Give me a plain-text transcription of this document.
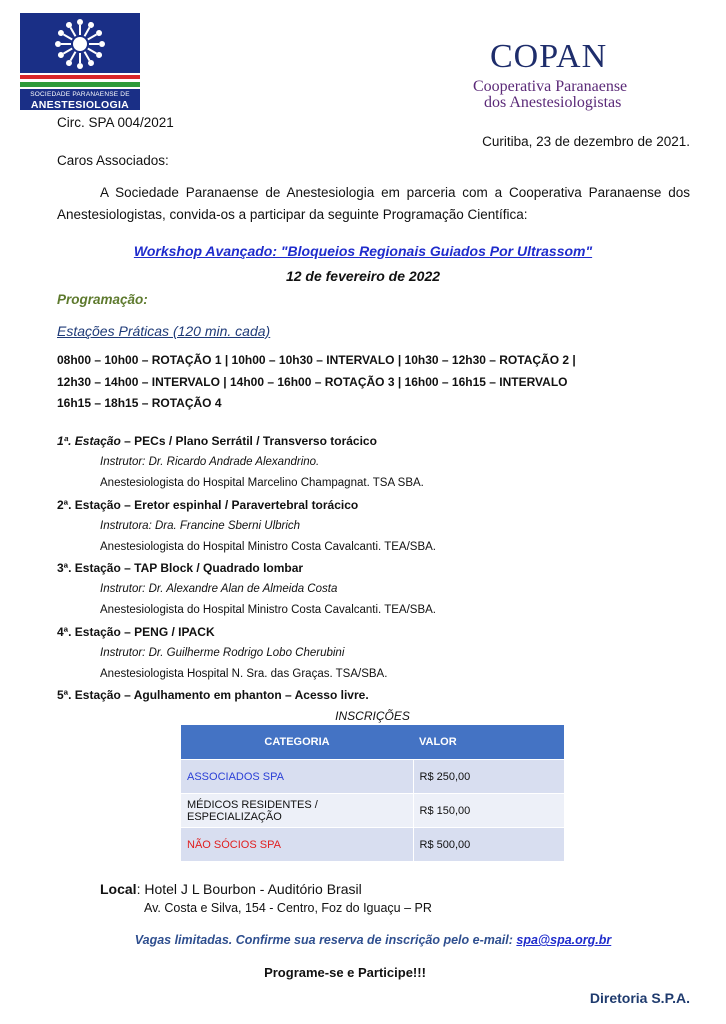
SOCIEDADE PARANAENSE DE
ANESTESIOLOGIA
COPAN
Cooperativa Paranaense
dos Anestesiologistas
Circ. SPA 004/2021
Curitiba, 23 de dezembro de 2021.
Caros Associados:
A Sociedade Paranaense de Anestesiologia em parceria com a Cooperativa Paranaense dos Anestesiologistas, convida-os a participar da seguinte Programação Científica:
Workshop Avançado: "Bloqueios Regionais Guiados Por Ultrassom"
12 de fevereiro de 2022
Programação:
Estações Práticas (120 min. cada)
08h00 – 10h00 – ROTAÇÃO 1 | 10h00 – 10h30 – INTERVALO | 10h30 – 12h30 – ROTAÇÃO 2 |
12h30 – 14h00 – INTERVALO | 14h00 – 16h00 – ROTAÇÃO 3 | 16h00 – 16h15 – INTERVALO
16h15 – 18h15 – ROTAÇÃO 4
1ª. Estação – PECs / Plano Serrátil / Transverso torácico
Instrutor: Dr. Ricardo Andrade Alexandrino.
Anestesiologista do Hospital Marcelino Champagnat. TSA SBA.
2ª. Estação – Eretor espinhal / Paravertebral torácico
Instrutora: Dra. Francine Sberni Ulbrich
Anestesiologista do Hospital Ministro Costa Cavalcanti. TEA/SBA.
3ª. Estação – TAP Block / Quadrado lombar
Instrutor: Dr. Alexandre Alan de Almeida Costa
Anestesiologista do Hospital Ministro Costa Cavalcanti. TEA/SBA.
4ª. Estação – PENG / IPACK
Instrutor: Dr. Guilherme Rodrigo Lobo Cherubini
Anestesiologista Hospital N. Sra. das Graças. TSA/SBA.
5ª. Estação – Agulhamento em phanton – Acesso livre.
INSCRIÇÕES
CATEGORIA	VALOR
ASSOCIADOS SPA	R$ 250,00
MÉDICOS RESIDENTES / ESPECIALIZAÇÃO	R$ 150,00
NÃO SÓCIOS SPA	R$ 500,00
Local: Hotel J L Bourbon - Auditório Brasil
Av. Costa e Silva, 154 - Centro, Foz do Iguaçu – PR
Vagas limitadas. Confirme sua reserva de inscrição pelo e-mail: spa@spa.org.br
Programe-se e Participe!!!
Diretoria S.P.A.
